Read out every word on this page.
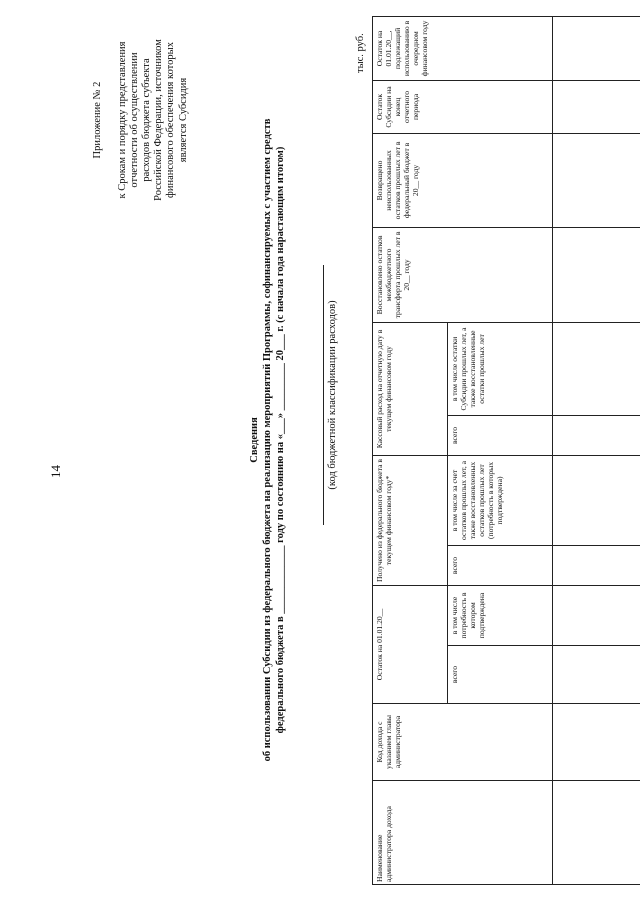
14

Приложение № 2

к Срокам и порядку представления
отчетности об осуществлении
расходов бюджета субъекта
Российской Федерации, источником
финансового обеспечения которых
является Субсидия

Сведения об использовании Субсидии из федерального бюджета на реализацию мероприятий Программы, софинансируемых с участием средств федерального бюджета в _____________ году по состоянию на «___» _________ 20___ г. (с начала года нарастающим итогом)	(код бюджетной классификации расходов)
тыс. руб.
Наименование администратора дохода	Код дохода с указанием главы администратора	Остаток на 01.01.20__		Получено из федерального бюджета в текущем финансовом году*		Кассовый расход на отчетную дату в текущем финансовом году		Восстановлено остатков межбюджетного трансферта прошлых лет в 20__ году	Возвращено неиспользованных остатков прошлых лет в федеральный бюджет в 20__ году	Остаток Субсидии на конец отчетного периода	Остаток на 01.01.20__, подлежащий использованию в очередном финансовом году
		всего	в том числе потребность в котором подтверждена	всего	в том числе за счет остатков прошлых лет, а также восстановленных остатков прошлых лет (потребность в которых подтверждена)	всего	в том числе остатки Субсидии прошлых лет, а также восстановленные остатки прошлых лет				
